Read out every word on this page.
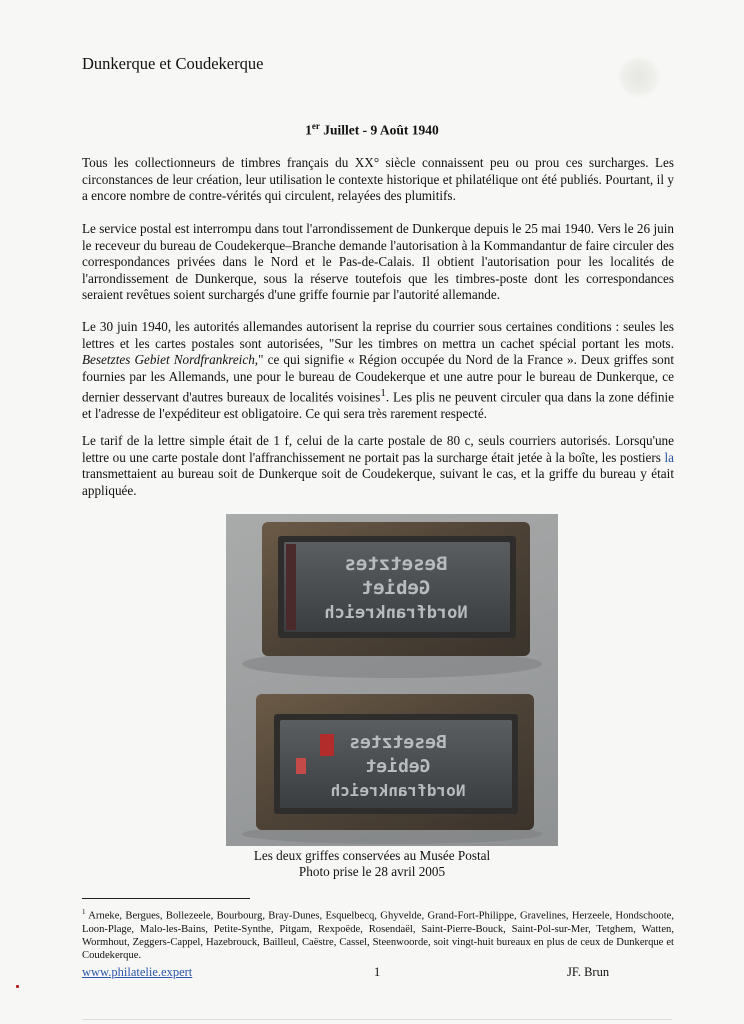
Dunkerque et Coudekerque
1er Juillet - 9 Août 1940

Tous les collectionneurs de timbres français du XX° siècle connaissent peu ou prou ces surcharges. Les circonstances de leur création, leur utilisation le contexte historique et philatélique ont été publiés. Pourtant, il y a encore nombre de contre-vérités qui circulent, relayées des plumitifs.

Le service postal est interrompu dans tout l'arrondissement de Dunkerque depuis le 25 mai 1940. Vers le 26 juin le receveur du bureau de Coudekerque–Branche demande l'autorisation à la Kommandantur de faire circuler des correspondances privées dans le Nord et le Pas-de-Calais. Il obtient l'autorisation pour les localités de l'arrondissement de Dunkerque, sous la réserve toutefois que les timbres-poste dont les correspondances seraient revêtues soient surchargés d'une griffe fournie par l'autorité allemande.

Le 30 juin 1940, les autorités allemandes autorisent la reprise du courrier sous certaines conditions : seules les lettres et les cartes postales sont autorisées, "Sur les timbres on mettra un cachet spécial portant les mots. Besetztes Gebiet Nordfrankreich," ce qui signifie « Région occupée du Nord de la France ». Deux griffes sont fournies par les Allemands, une pour le bureau de Coudekerque et une autre pour le bureau de Dunkerque, ce dernier desservant d'autres bureaux de localités voisines$^1$. Les plis ne peuvent circuler qua dans la zone définie et l'adresse de l'expéditeur est obligatoire. Ce qui sera très rarement respecté.

Le tarif de la lettre simple était de 1 f, celui de la carte postale de 80 c, seuls courriers autorisés. Lorsqu'une lettre ou une carte postale dont l'affranchissement ne portait pas la surcharge était jetée à la boîte, les postiers la transmettaient au bureau soit de Dunkerque soit de Coudekerque, suivant le cas, et la griffe du bureau y était appliquée.

Besetztes
Gebiet
Nordfrankreich
Besetztes
Gebiet
Nordfrankreich

Les deux griffes conservées au Musée Postal

Photo prise le 28 avril 2005

$^1$ Arneke, Bergues, Bollezeele, Bourbourg, Bray-Dunes, Esquelbecq, Ghyvelde, Grand-Fort-Philippe, Gravelines, Herzeele, Hondschoote, Loon-Plage, Malo-les-Bains, Petite-Synthe, Pitgam, Rexpoëde, Rosendaël, Saint-Pierre-Bouck, Saint-Pol-sur-Mer, Tetghem, Watten, Wormhout, Zeggers-Cappel, Hazebrouck, Bailleul, Caëstre, Cassel, Steenwoorde, soit vingt-huit bureaux en plus de ceux de Dunkerque et Coudekerque.
www.philatelie.expert	1	JF. Brun
